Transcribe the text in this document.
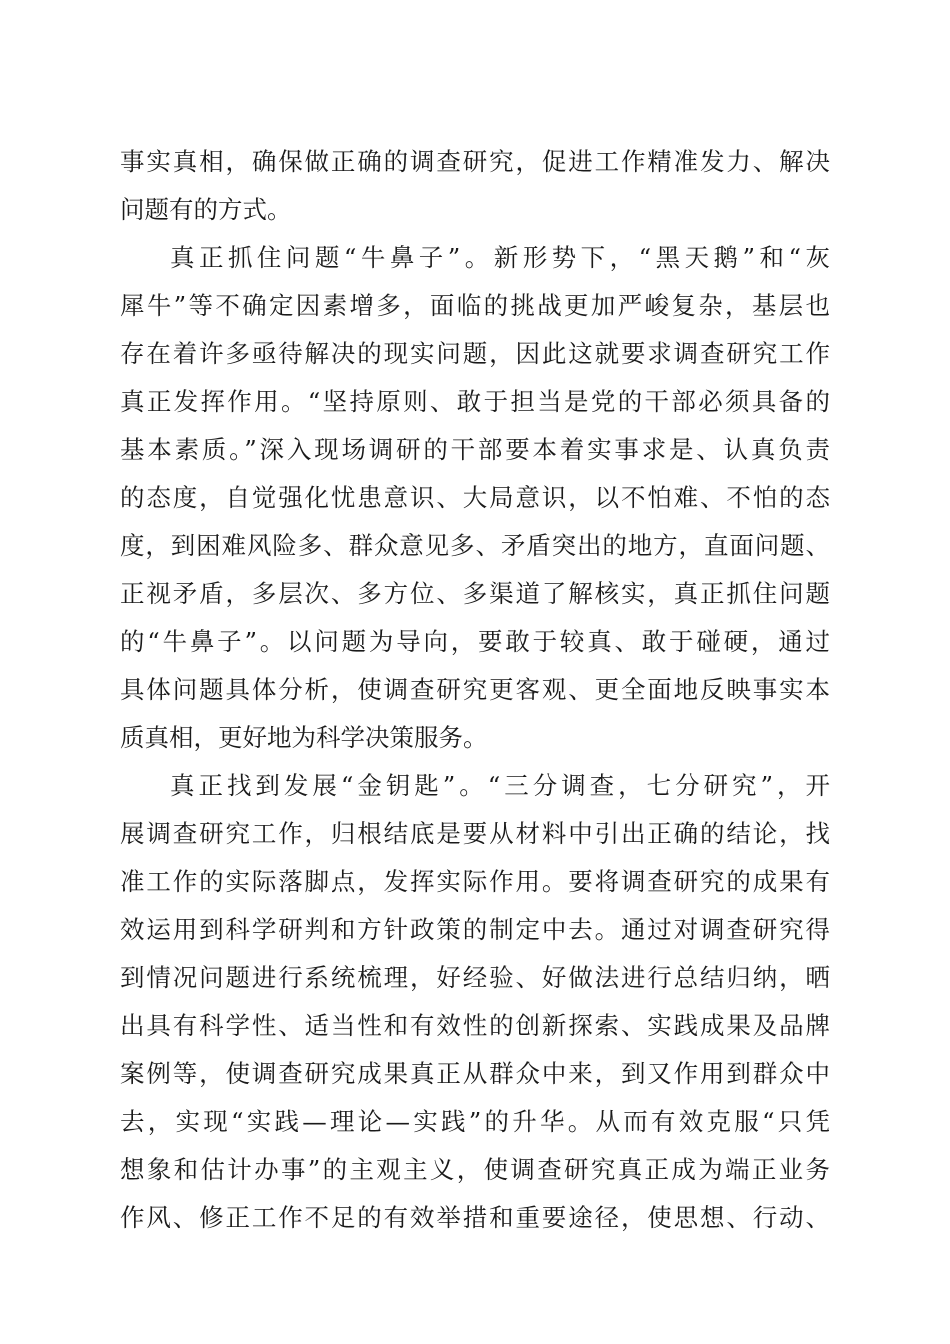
事实真相，确保做正确的调查研究，促进工作精准发力、解决
问题有的方式。
真正抓住问题“牛鼻子”。新形势下，“黑天鹅”和“灰
犀牛”等不确定因素增多，面临的挑战更加严峻复杂，基层也
存在着许多亟待解决的现实问题，因此这就要求调查研究工作
真正发挥作用。“坚持原则、敢于担当是党的干部必须具备的
基本素质。”深入现场调研的干部要本着实事求是、认真负责
的态度，自觉强化忧患意识、大局意识，以不怕难、不怕的态
度，到困难风险多、群众意见多、矛盾突出的地方，直面问题、
正视矛盾，多层次、多方位、多渠道了解核实，真正抓住问题
的“牛鼻子”。以问题为导向，要敢于较真、敢于碰硬，通过
具体问题具体分析，使调查研究更客观、更全面地反映事实本
质真相，更好地为科学决策服务。
真正找到发展“金钥匙”。“三分调查，七分研究”，开
展调查研究工作，归根结底是要从材料中引出正确的结论，找
准工作的实际落脚点，发挥实际作用。要将调查研究的成果有
效运用到科学研判和方针政策的制定中去。通过对调查研究得
到情况问题进行系统梳理，好经验、好做法进行总结归纳，晒
出具有科学性、适当性和有效性的创新探索、实践成果及品牌
案例等，使调查研究成果真正从群众中来，到又作用到群众中
去，实现“实践—理论—实践”的升华。从而有效克服“只凭
想象和估计办事”的主观主义，使调查研究真正成为端正业务
作风、修正工作不足的有效举措和重要途径，使思想、行动、
